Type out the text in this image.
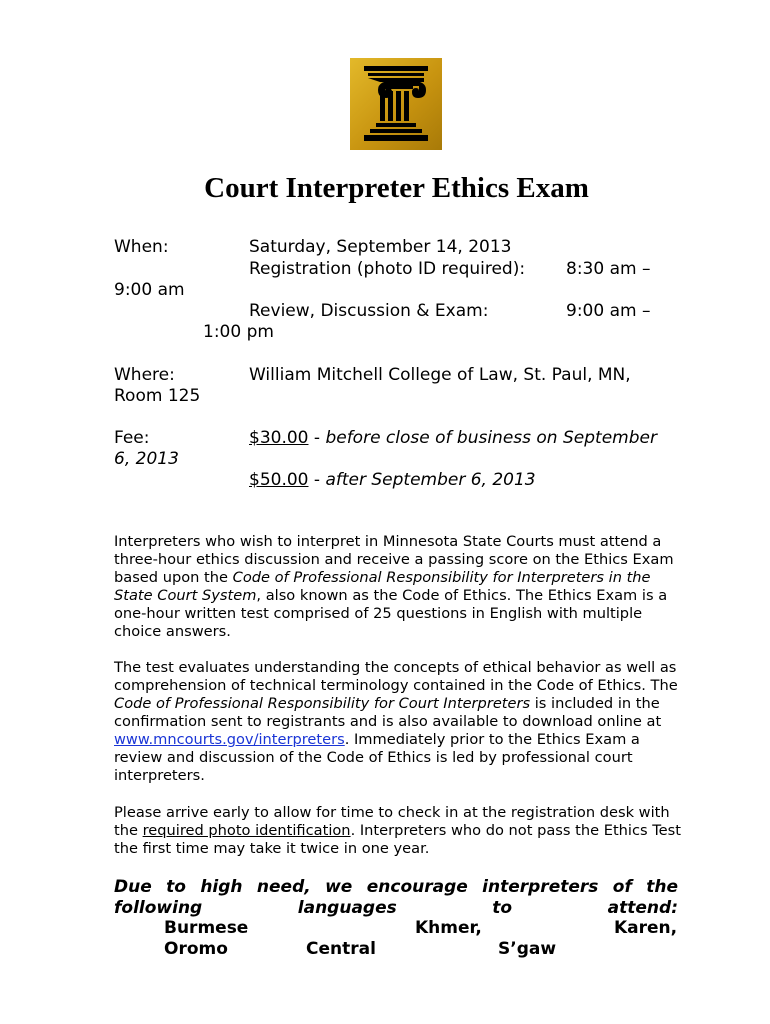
Court Interpreter Ethics Exam
When:	Saturday, September 14, 2013
Registration (photo ID required): 8:30 am –
9:00 am
Review, Discussion & Exam:	9:00 am –
1:00 pm
Where:	William Mitchell College of Law, St. Paul, MN,
Room 125
Fee:	$30.00 - before close of business on September
6, 2013
$50.00 - after September 6, 2013
Interpreters who wish to interpret in Minnesota State Courts must attend a three-hour ethics discussion and receive a passing score on the Ethics Exam based upon the Code of Professional Responsibility for Interpreters in the State Court System, also known as the Code of Ethics. The Ethics Exam is a one-hour written test comprised of 25 questions in English with multiple choice answers.
The test evaluates understanding the concepts of ethical behavior as well as comprehension of technical terminology contained in the Code of Ethics. The Code of Professional Responsibility for Court Interpreters is included in the confirmation sent to registrants and is also available to download online at www.mncourts.gov/interpreters. Immediately prior to the Ethics Exam a review and discussion of the Code of Ethics is led by professional court interpreters.
Please arrive early to allow for time to check in at the registration desk with the required photo identification. Interpreters who do not pass the Ethics Test the first time may take it twice in one year.
Due to high need, we encourage interpreters of the following languages to attend:
Burmese	Khmer,	Karen,
Oromo	Central	S’gaw
